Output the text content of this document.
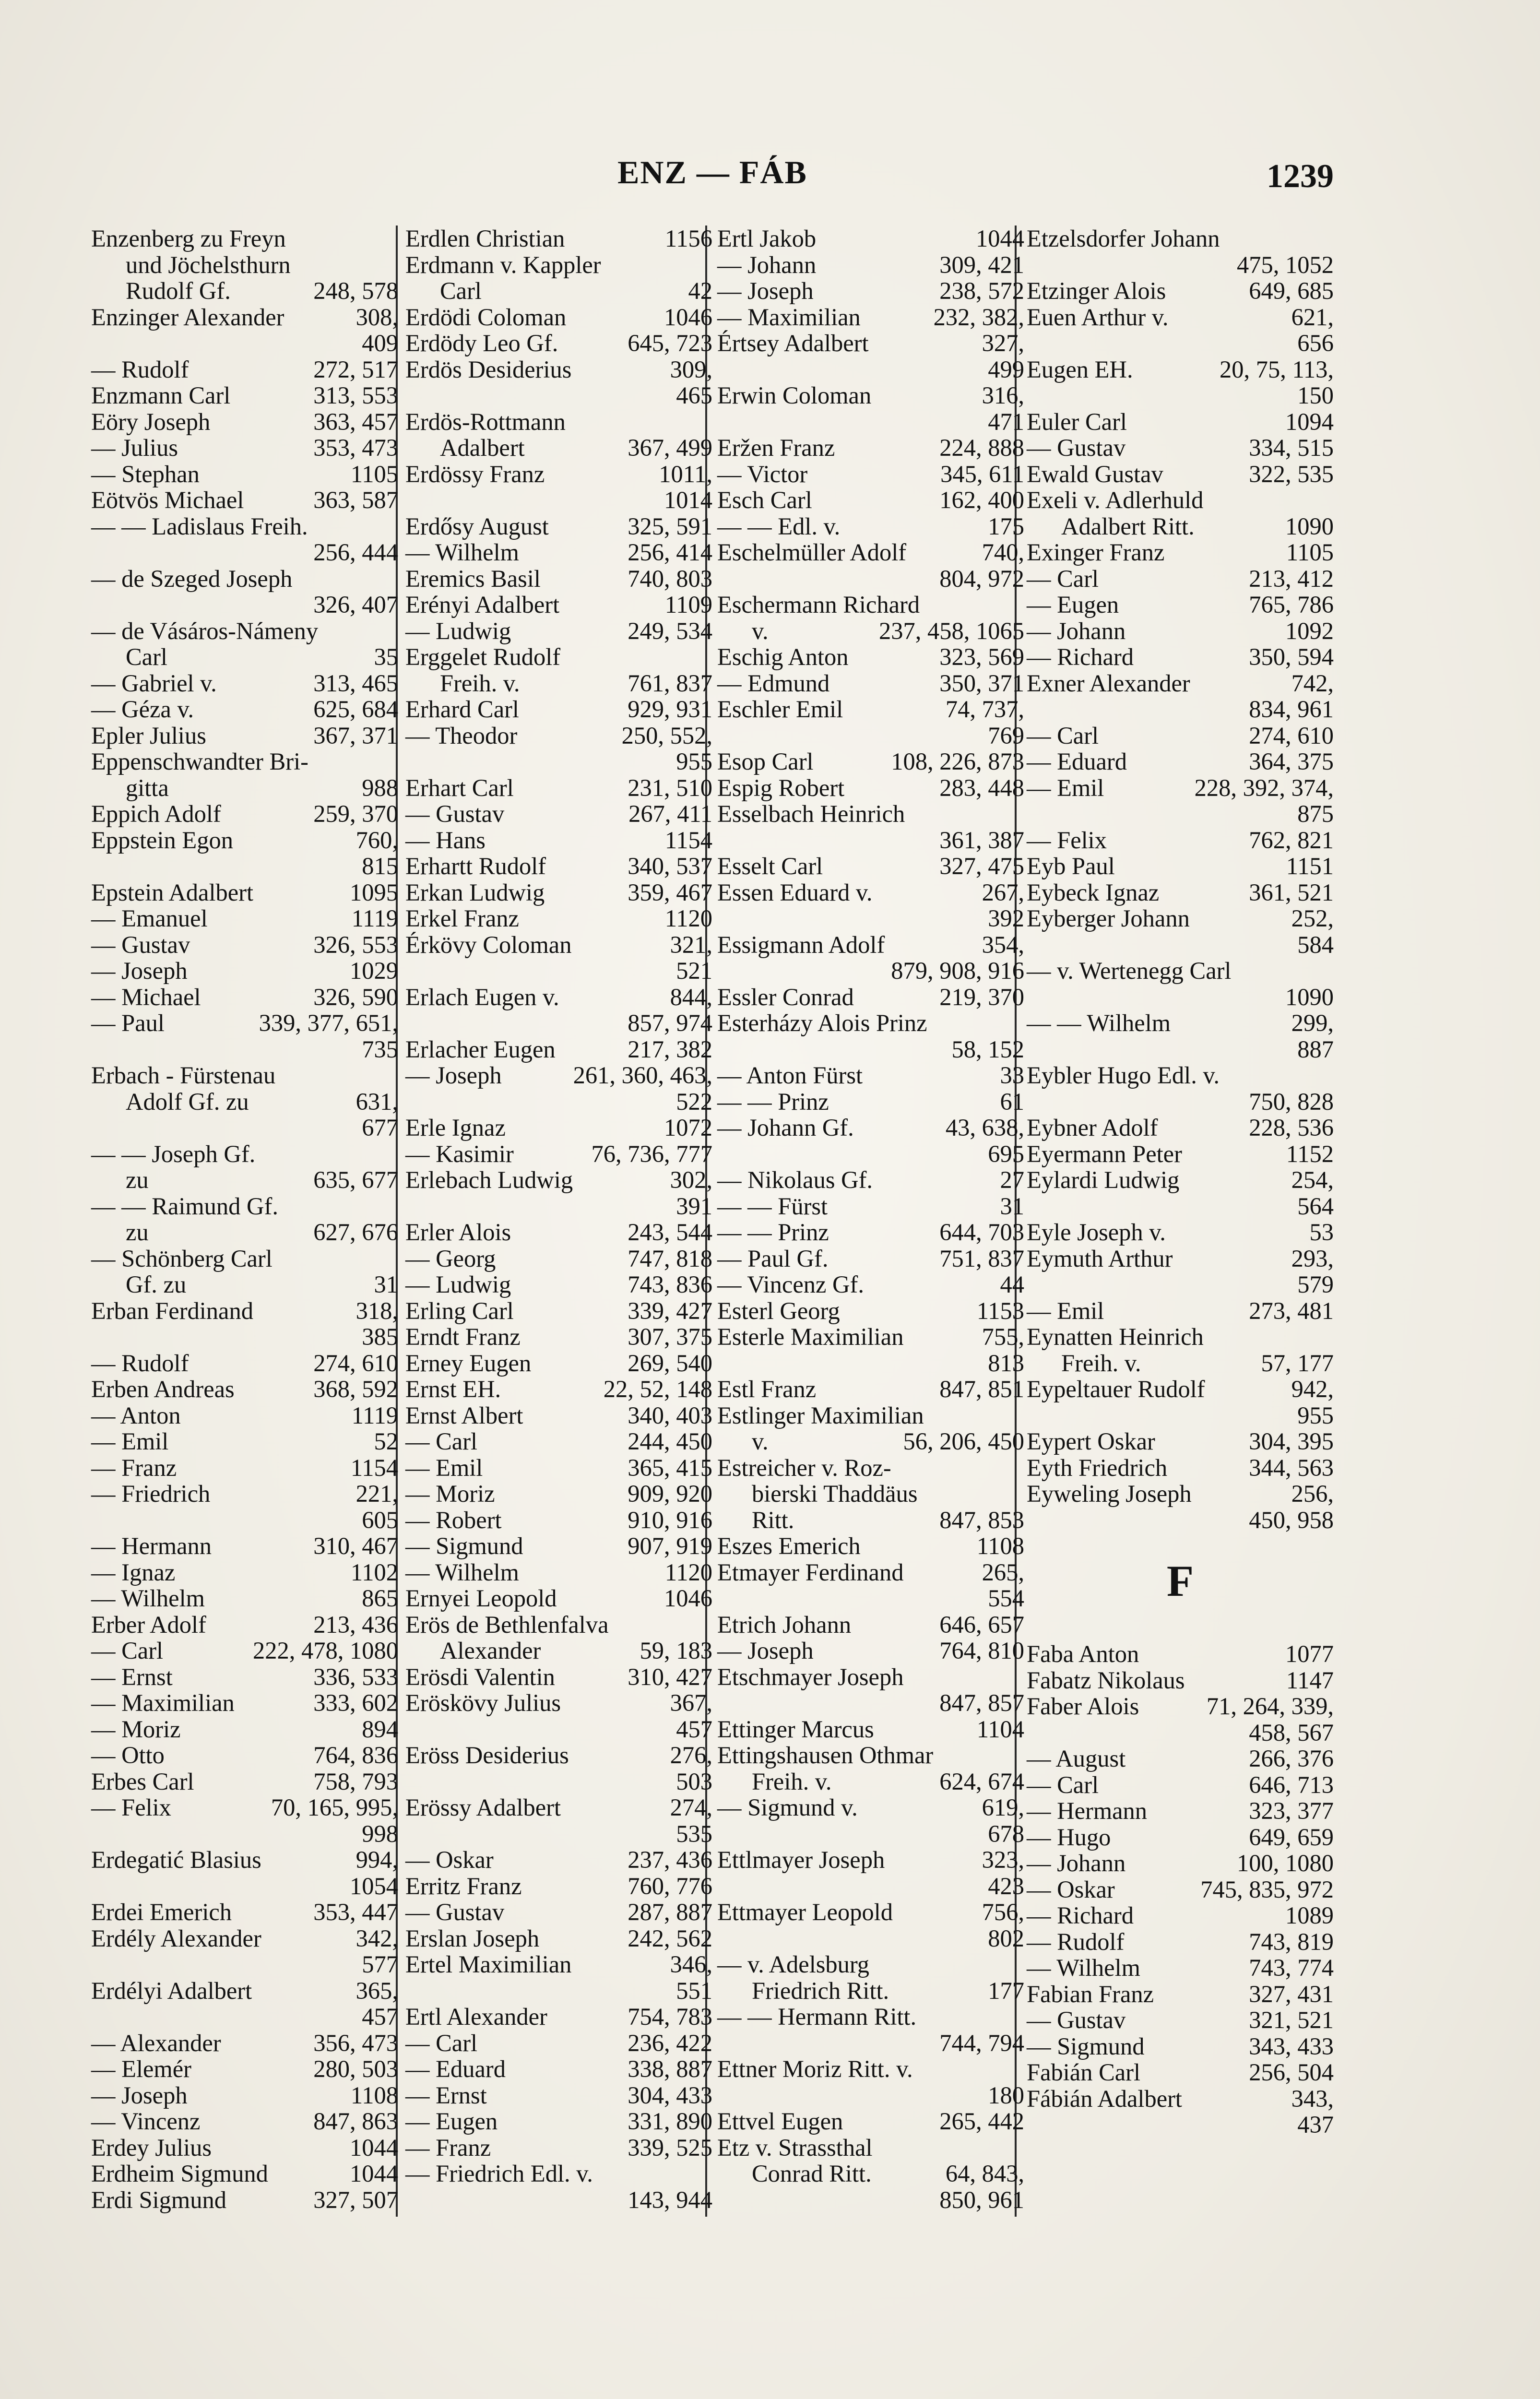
ENZ — FÁB	1239
Enzenberg zu Freyn
und Jöchelsthurn
248, 578
Rudolf Gf.
308,
Enzinger Alexander
409
272, 517
— Rudolf
313, 553
Enzmann Carl
363, 457
Eöry Joseph
353, 473
— Julius
1105
— Stephan
363, 587
Eötvös Michael
— — Ladislaus Freih.
256, 444
— de Szeged Joseph
326, 407
— de Vásáros-Námeny
35
Carl
313, 465
— Gabriel v.
625, 684
— Géza v.
367, 371
Epler Julius
Eppenschwandter Bri-
988
gitta
259, 370
Eppich Adolf
760,
Eppstein Egon
815
1095
Epstein Adalbert
1119
— Emanuel
326, 553
— Gustav
1029
— Joseph
326, 590
— Michael
339, 377, 651,
— Paul
735
Erbach - Fürstenau
631,
Adolf Gf. zu
677
— — Joseph Gf.
635, 677
zu
— — Raimund Gf.
627, 676
zu
— Schönberg Carl
31
Gf. zu
318,
Erban Ferdinand
385
274, 610
— Rudolf
368, 592
Erben Andreas
1119
— Anton
52
— Emil
1154
— Franz
221,
— Friedrich
605
310, 467
— Hermann
1102
— Ignaz
865
— Wilhelm
213, 436
Erber Adolf
222, 478, 1080
— Carl
336, 533
— Ernst
333, 602
— Maximilian
894
— Moriz
764, 836
— Otto
758, 793
Erbes Carl
70, 165, 995,
— Felix
998
994,
Erdegatić Blasius
1054
353, 447
Erdei Emerich
342,
Erdély Alexander
577
365,
Erdélyi Adalbert
457
356, 473
— Alexander
280, 503
— Elemér
1108
— Joseph
847, 863
— Vincenz
1044
Erdey Julius
1044
Erdheim Sigmund
327, 507
Erdi Sigmund
1156
Erdlen Christian
Erdmann v. Kappler
42
Carl
1046
Erdödi Coloman
645, 723
Erdödy Leo Gf.
309,
Erdös Desiderius
465
Erdös-Rottmann
367, 499
Adalbert
1011,
Erdössy Franz
1014
325, 591
Erdősy August
256, 414
— Wilhelm
740, 803
Eremics Basil
1109
Erényi Adalbert
249, 534
— Ludwig
Erggelet Rudolf
761, 837
Freih. v.
929, 931
Erhard Carl
250, 552,
— Theodor
955
231, 510
Erhart Carl
267, 411
— Gustav
1154
— Hans
340, 537
Erhartt Rudolf
359, 467
Erkan Ludwig
1120
Erkel Franz
321,
Érkövy Coloman
521
844,
Erlach Eugen v.
857, 974
217, 382
Erlacher Eugen
261, 360, 463,
— Joseph
522
1072
Erle Ignaz
76, 736, 777
— Kasimir
302,
Erlebach Ludwig
391
243, 544
Erler Alois
747, 818
— Georg
743, 836
— Ludwig
339, 427
Erling Carl
307, 375
Erndt Franz
269, 540
Erney Eugen
22, 52, 148
Ernst EH.
340, 403
Ernst Albert
244, 450
— Carl
365, 415
— Emil
909, 920
— Moriz
910, 916
— Robert
907, 919
— Sigmund
1120
— Wilhelm
1046
Ernyei Leopold
Erös de Bethlenfalva
59, 183
Alexander
310, 427
Erösdi Valentin
367,
Eröskövy Julius
457
276,
Eröss Desiderius
503
274,
Erössy Adalbert
535
237, 436
— Oskar
760, 776
Erritz Franz
287, 887
— Gustav
242, 562
Erslan Joseph
346,
Ertel Maximilian
551
754, 783
Ertl Alexander
236, 422
— Carl
338, 887
— Eduard
304, 433
— Ernst
331, 890
— Eugen
339, 525
— Franz
— Friedrich Edl. v.
143, 944
1044
Ertl Jakob
309, 421
— Johann
238, 572
— Joseph
232, 382,
— Maximilian
327,
Értsey Adalbert
499
316,
Erwin Coloman
471
224, 888
Eržen Franz
345, 611
— Victor
162, 400
Esch Carl
175
— — Edl. v.
740,
Eschelmüller Adolf
804, 972
Eschermann Richard
237, 458, 1065
v.
323, 569
Eschig Anton
350, 371
— Edmund
74, 737,
Eschler Emil
769
108, 226, 873
Esop Carl
283, 448
Espig Robert
Esselbach Heinrich
361, 387
327, 475
Esselt Carl
267,
Essen Eduard v.
392
354,
Essigmann Adolf
879, 908, 916
219, 370
Essler Conrad
Esterházy Alois Prinz
58, 152
33
— Anton Fürst
61
— — Prinz
43, 638,
— Johann Gf.
695
27
— Nikolaus Gf.
31
— — Fürst
644, 703
— — Prinz
751, 837
— Paul Gf.
44
— Vincenz Gf.
1153
Esterl Georg
755,
Esterle Maximilian
813
847, 851
Estl Franz
Estlinger Maximilian
56, 206, 450
v.
Estreicher v. Roz-
bierski Thaddäus
847, 853
Ritt.
1108
Eszes Emerich
265,
Etmayer Ferdinand
554
646, 657
Etrich Johann
764, 810
— Joseph
Etschmayer Joseph
847, 857
1104
Ettinger Marcus
Ettingshausen Othmar
624, 674
Freih. v.
619,
— Sigmund v.
678
323,
Ettlmayer Joseph
423
756,
Ettmayer Leopold
802
— v. Adelsburg
177
Friedrich Ritt.
— — Hermann Ritt.
744, 794
Ettner Moriz Ritt. v.
180
265, 442
Ettvel Eugen
Etz v. Strassthal
64, 843,
Conrad Ritt.
850, 961
Etzelsdorfer Johann
475, 1052
649, 685
Etzinger Alois
621,
Euen Arthur v.
656
20, 75, 113,
Eugen EH.
150
1094
Euler Carl
334, 515
— Gustav
322, 535
Ewald Gustav
Exeli v. Adlerhuld
1090
Adalbert Ritt.
1105
Exinger Franz
213, 412
— Carl
765, 786
— Eugen
1092
— Johann
350, 594
— Richard
742,
Exner Alexander
834, 961
274, 610
— Carl
364, 375
— Eduard
228, 392, 374,
— Emil
875
762, 821
— Felix
1151
Eyb Paul
361, 521
Eybeck Ignaz
252,
Eyberger Johann
584
— v. Wertenegg Carl
1090
299,
— — Wilhelm
887
Eybler Hugo Edl. v.
750, 828
228, 536
Eybner Adolf
1152
Eyermann Peter
254,
Eylardi Ludwig
564
53
Eyle Joseph v.
293,
Eymuth Arthur
579
273, 481
— Emil
Eynatten Heinrich
57, 177
Freih. v.
942,
Eypeltauer Rudolf
955
304, 395
Eypert Oskar
344, 563
Eyth Friedrich
256,
Eyweling Joseph
450, 958
F
1077
Faba Anton
1147
Fabatz Nikolaus
71, 264, 339,
Faber Alois
458, 567
266, 376
— August
646, 713
— Carl
323, 377
— Hermann
649, 659
— Hugo
100, 1080
— Johann
745, 835, 972
— Oskar
1089
— Richard
743, 819
— Rudolf
743, 774
— Wilhelm
327, 431
Fabian Franz
321, 521
— Gustav
343, 433
— Sigmund
256, 504
Fabián Carl
343,
Fábián Adalbert
437
